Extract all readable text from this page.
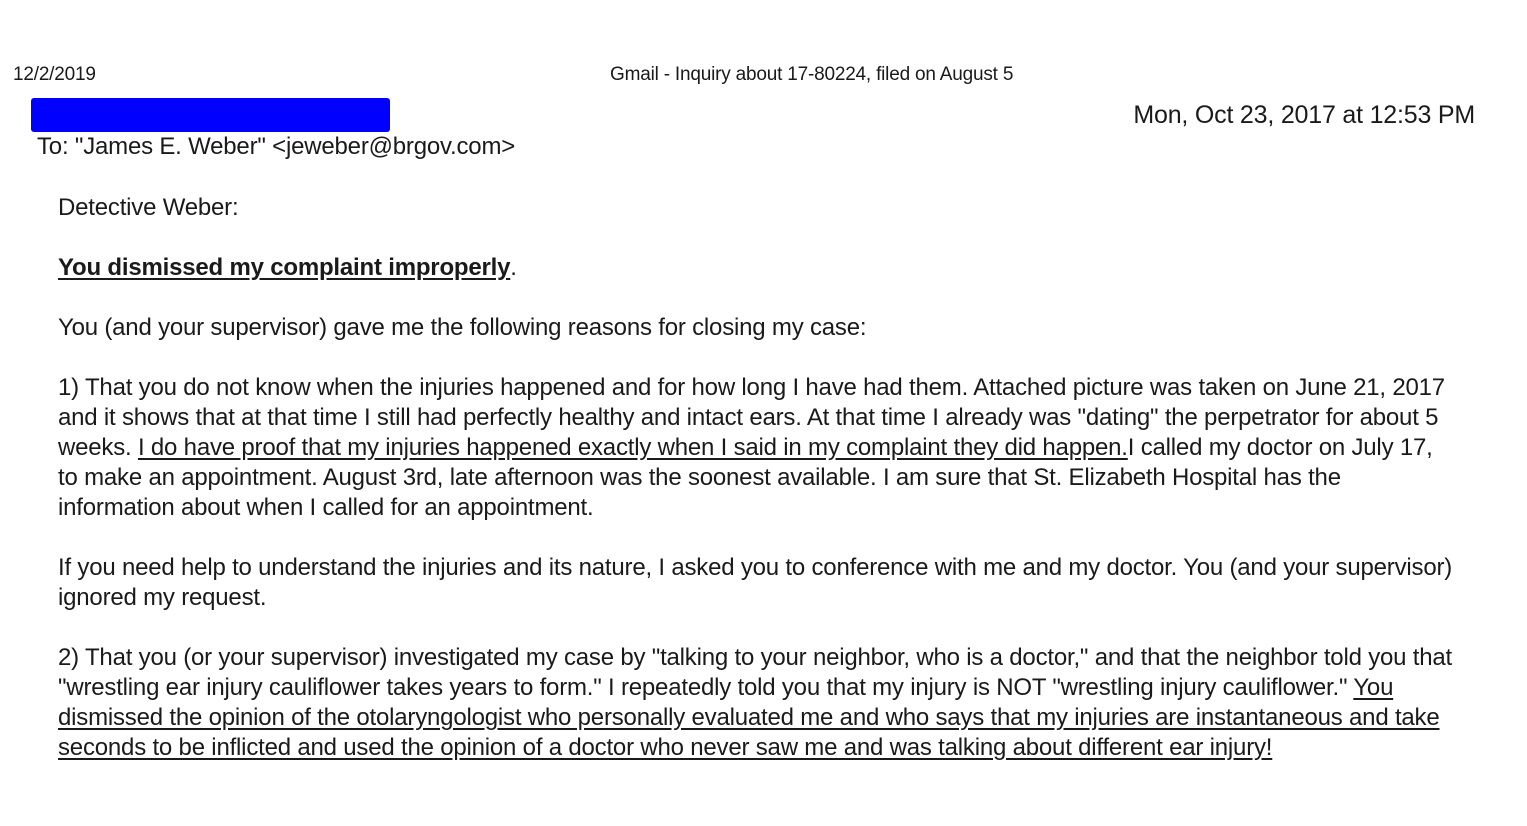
12/2/2019	Gmail - Inquiry about 17-80224, filed on August 5
Mon, Oct 23, 2017 at 12:53 PM
To: "James E. Weber" <jeweber@brgov.com>

Detective Weber:

You dismissed my complaint improperly.

You (and your supervisor) gave me the following reasons for closing my case:

1) That you do not know when the injuries happened and for how long I have had them. Attached picture was taken on June 21, 2017 and it shows that at that time I still had perfectly healthy and intact ears. At that time I already was "dating" the perpetrator for about 5 weeks. I do have proof that my injuries happened exactly when I said in my complaint they did happen.I called my doctor on July 17, to make an appointment. August 3rd, late afternoon was the soonest available. I am sure that St. Elizabeth Hospital has the information about when I called for an appointment.

If you need help to understand the injuries and its nature, I asked you to conference with me and my doctor. You (and your supervisor) ignored my request.

2) That you (or your supervisor) investigated my case by "talking to your neighbor, who is a doctor," and that the neighbor told you that "wrestling ear injury cauliflower takes years to form." I repeatedly told you that my injury is NOT "wrestling injury cauliflower." You dismissed the opinion of the otolaryngologist who personally evaluated me and who says that my injuries are instantaneous and take seconds to be inflicted and used the opinion of a doctor who never saw me and was talking about different ear injury!
